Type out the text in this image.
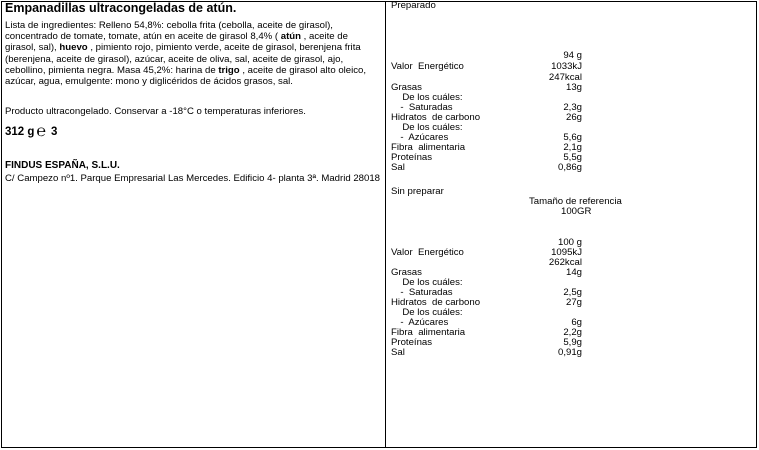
Empanadillas ultracongeladas de atún.
Lista de ingredientes: Relleno 54,8%: cebolla frita (cebolla, aceite de girasol), concentrado de tomate, tomate, atún en aceite de girasol 8,4% ( atún , aceite de girasol, sal), huevo , pimiento rojo, pimiento verde, aceite de girasol, berenjena frita (berenjena, aceite de girasol), azúcar, aceite de oliva, sal, aceite de girasol, ajo, cebollino, pimienta negra. Masa 45,2%: harina de trigo , aceite de girasol alto oleico, azúcar, agua, emulgente: mono y diglicéridos de ácidos grasos, sal.
Producto ultracongelado. Conservar a -18°C o temperaturas inferiores.
312 g ℮ 3
FINDUS ESPAÑA, S.L.U.
C/ Campezo nº1. Parque Empresarial Las Mercedes. Edificio 4- planta 3ª. Madrid 28018
Preparado
94 g
Valor  Energético	1033kJ
247kcal
Grasas	13g
De los cuáles:
-  Saturadas	2,3g
Hidratos  de carbono	26g
De los cuáles:
-  Azúcares	5,6g
Fibra  alimentaria	2,1g
Proteínas	5,5g
Sal	0,86g
Sin preparar
Tamaño de referencia
100GR
100 g
Valor  Energético	1095kJ
262kcal
Grasas	14g
De los cuáles:
-  Saturadas	2,5g
Hidratos  de carbono	27g
De los cuáles:
-  Azúcares	6g
Fibra  alimentaria	2,2g
Proteínas	5,9g
Sal	0,91g
